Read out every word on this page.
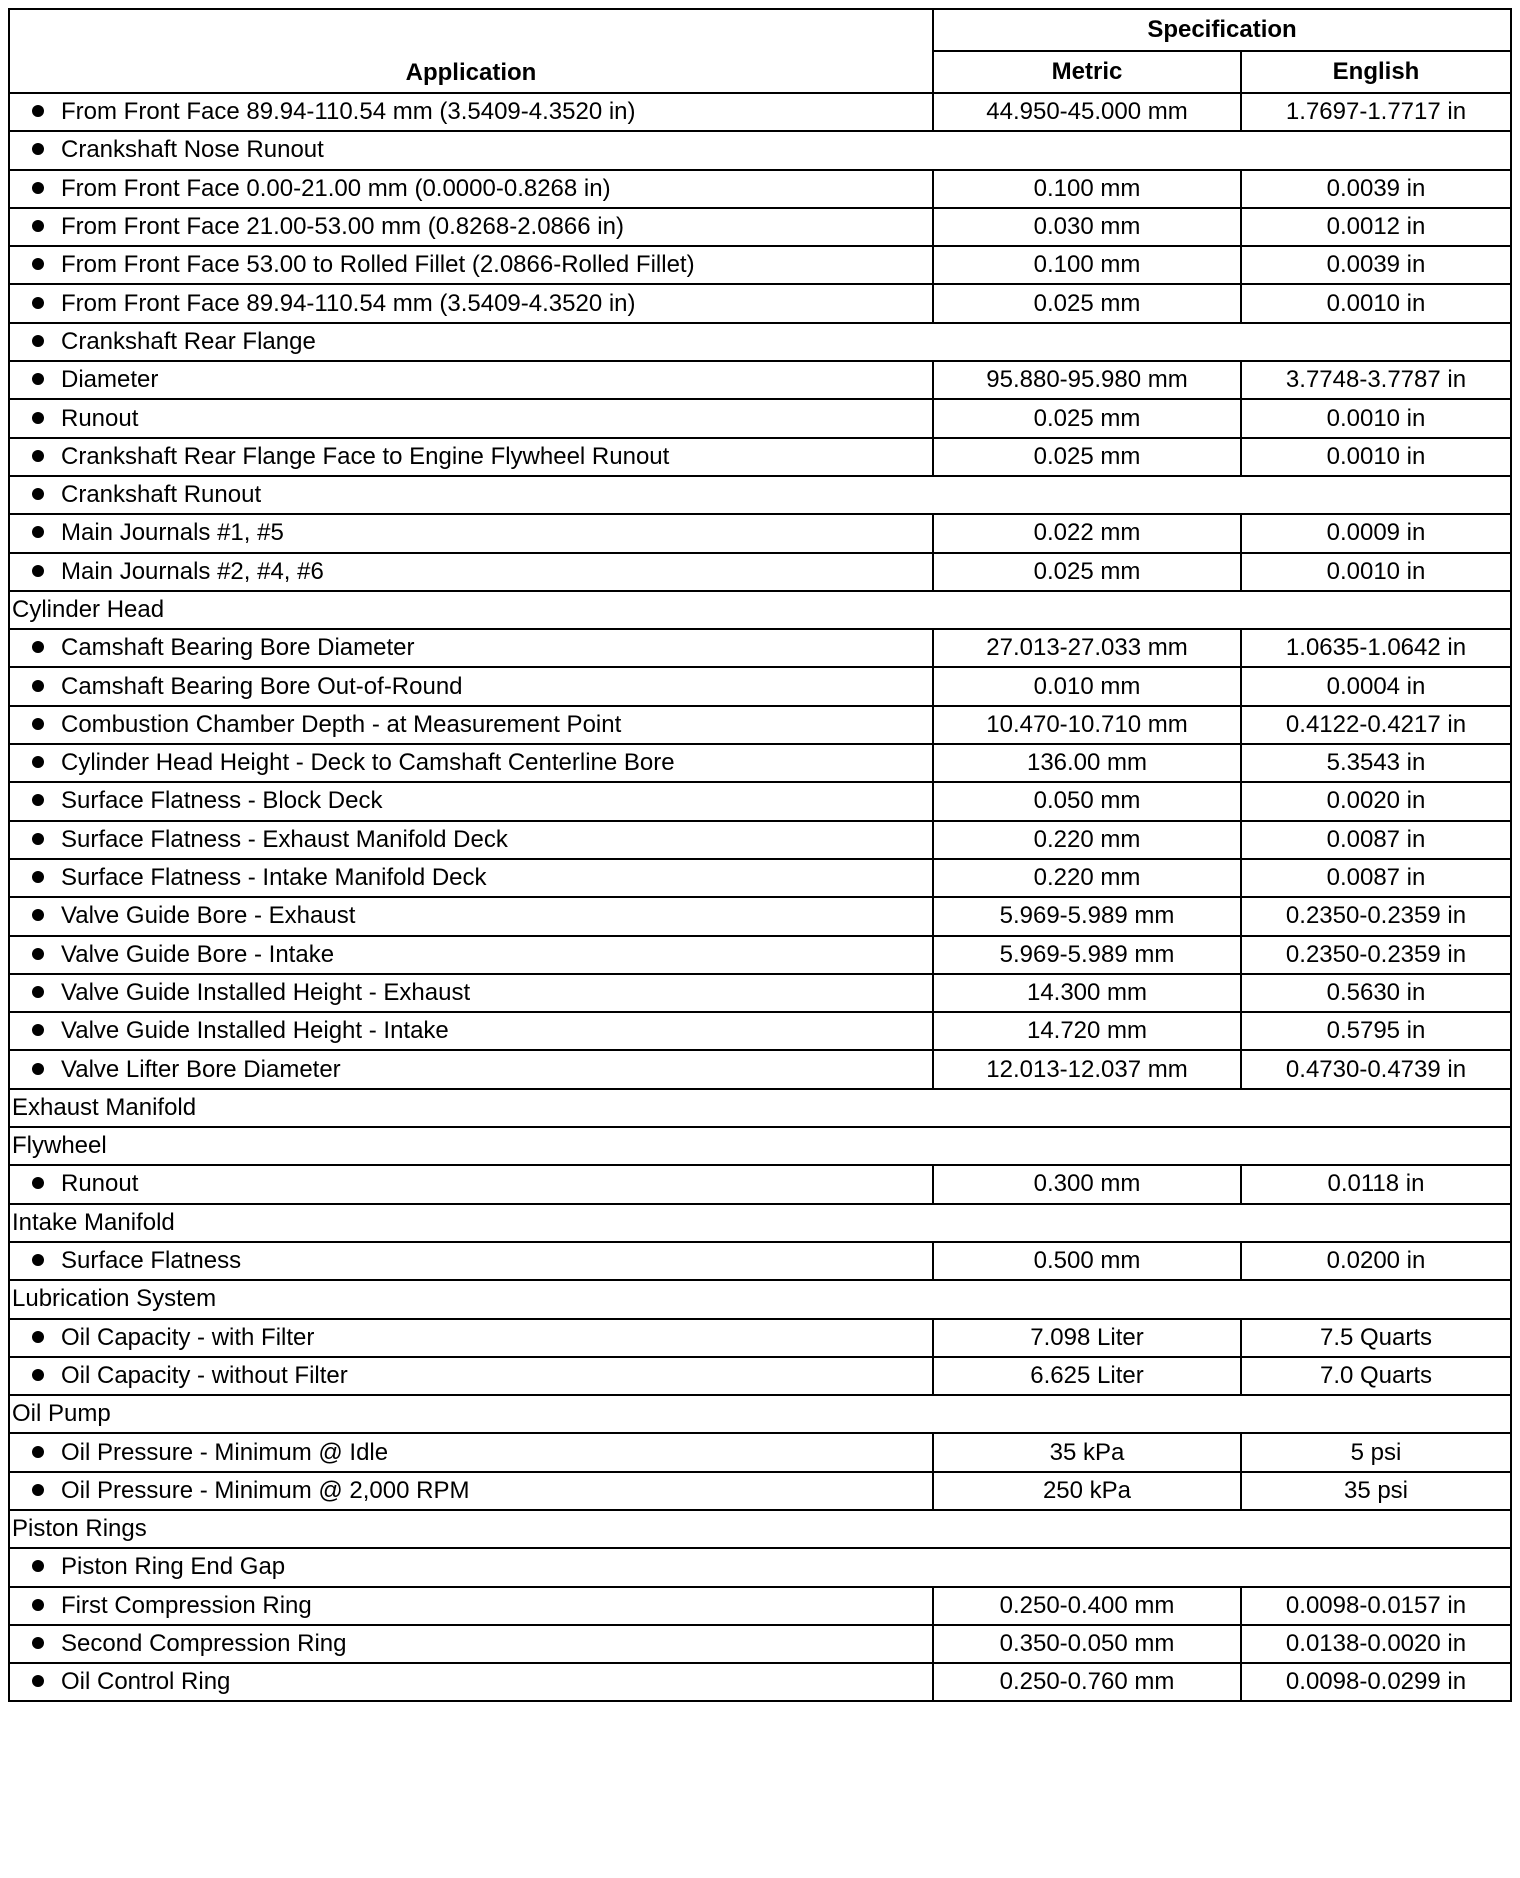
Application	Specification	
	Metric	English
From Front Face 89.94-110.54 mm (3.5409-4.3520 in)	44.950-45.000 mm	1.7697-1.7717 in
Crankshaft Nose Runout		
From Front Face 0.00-21.00 mm (0.0000-0.8268 in)	0.100 mm	0.0039 in
From Front Face 21.00-53.00 mm (0.8268-2.0866 in)	0.030 mm	0.0012 in
From Front Face 53.00 to Rolled Fillet (2.0866-Rolled Fillet)	0.100 mm	0.0039 in
From Front Face 89.94-110.54 mm (3.5409-4.3520 in)	0.025 mm	0.0010 in
Crankshaft Rear Flange		
Diameter	95.880-95.980 mm	3.7748-3.7787 in
Runout	0.025 mm	0.0010 in
Crankshaft Rear Flange Face to Engine Flywheel Runout	0.025 mm	0.0010 in
Crankshaft Runout		
Main Journals #1, #5	0.022 mm	0.0009 in
Main Journals #2, #4, #6	0.025 mm	0.0010 in
Cylinder Head		
Camshaft Bearing Bore Diameter	27.013-27.033 mm	1.0635-1.0642 in
Camshaft Bearing Bore Out-of-Round	0.010 mm	0.0004 in
Combustion Chamber Depth - at Measurement Point	10.470-10.710 mm	0.4122-0.4217 in
Cylinder Head Height - Deck to Camshaft Centerline Bore	136.00 mm	5.3543 in
Surface Flatness - Block Deck	0.050 mm	0.0020 in
Surface Flatness - Exhaust Manifold Deck	0.220 mm	0.0087 in
Surface Flatness - Intake Manifold Deck	0.220 mm	0.0087 in
Valve Guide Bore - Exhaust	5.969-5.989 mm	0.2350-0.2359 in
Valve Guide Bore - Intake	5.969-5.989 mm	0.2350-0.2359 in
Valve Guide Installed Height - Exhaust	14.300 mm	0.5630 in
Valve Guide Installed Height - Intake	14.720 mm	0.5795 in
Valve Lifter Bore Diameter	12.013-12.037 mm	0.4730-0.4739 in
Exhaust Manifold		
Flywheel		
Runout	0.300 mm	0.0118 in
Intake Manifold		
Surface Flatness	0.500 mm	0.0200 in
Lubrication System		
Oil Capacity - with Filter	7.098 Liter	7.5 Quarts
Oil Capacity - without Filter	6.625 Liter	7.0 Quarts
Oil Pump		
Oil Pressure - Minimum @ Idle	35 kPa	5 psi
Oil Pressure - Minimum @ 2,000 RPM	250 kPa	35 psi
Piston Rings		
Piston Ring End Gap		
First Compression Ring	0.250-0.400 mm	0.0098-0.0157 in
Second Compression Ring	0.350-0.050 mm	0.0138-0.0020 in
Oil Control Ring	0.250-0.760 mm	0.0098-0.0299 in
